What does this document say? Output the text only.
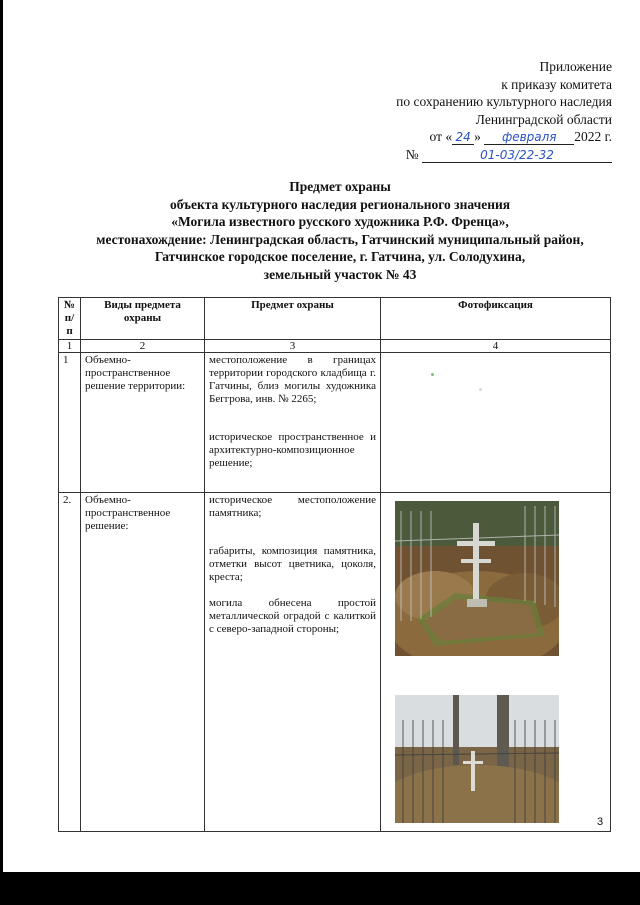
Приложение
к приказу комитета
по сохранению культурного наследия
Ленинградской области
от « 24 » февраля 2022 г.
№	01-03/22-32
Предмет охраны
объекта культурного наследия регионального значения
«Могила известного русского художника Р.Ф. Френца»,
местонахождение: Ленинградская область, Гатчинский муниципальный район,
Гатчинское городское поселение, г. Гатчина, ул. Солодухина,
земельный участок № 43
№ п/п	Виды предмета охраны	Предмет охраны	Фотофиксация
1	2	3	4
1	Объемно-пространственное решение территории:	местоположение в границах территории городского кладбища г. Гатчины, близ могилы художника Беггрова, инв. № 2265;

историческое пространственное и архитектурно-композиционное решение;	

2.	Объемно-пространственное решение:	историческое местоположение памятника;

габариты, композиция памятника, отметки высот цветника, цоколя, креста;

могила обнесена простой металлической оградой с калиткой с северо-западной стороны;

3
